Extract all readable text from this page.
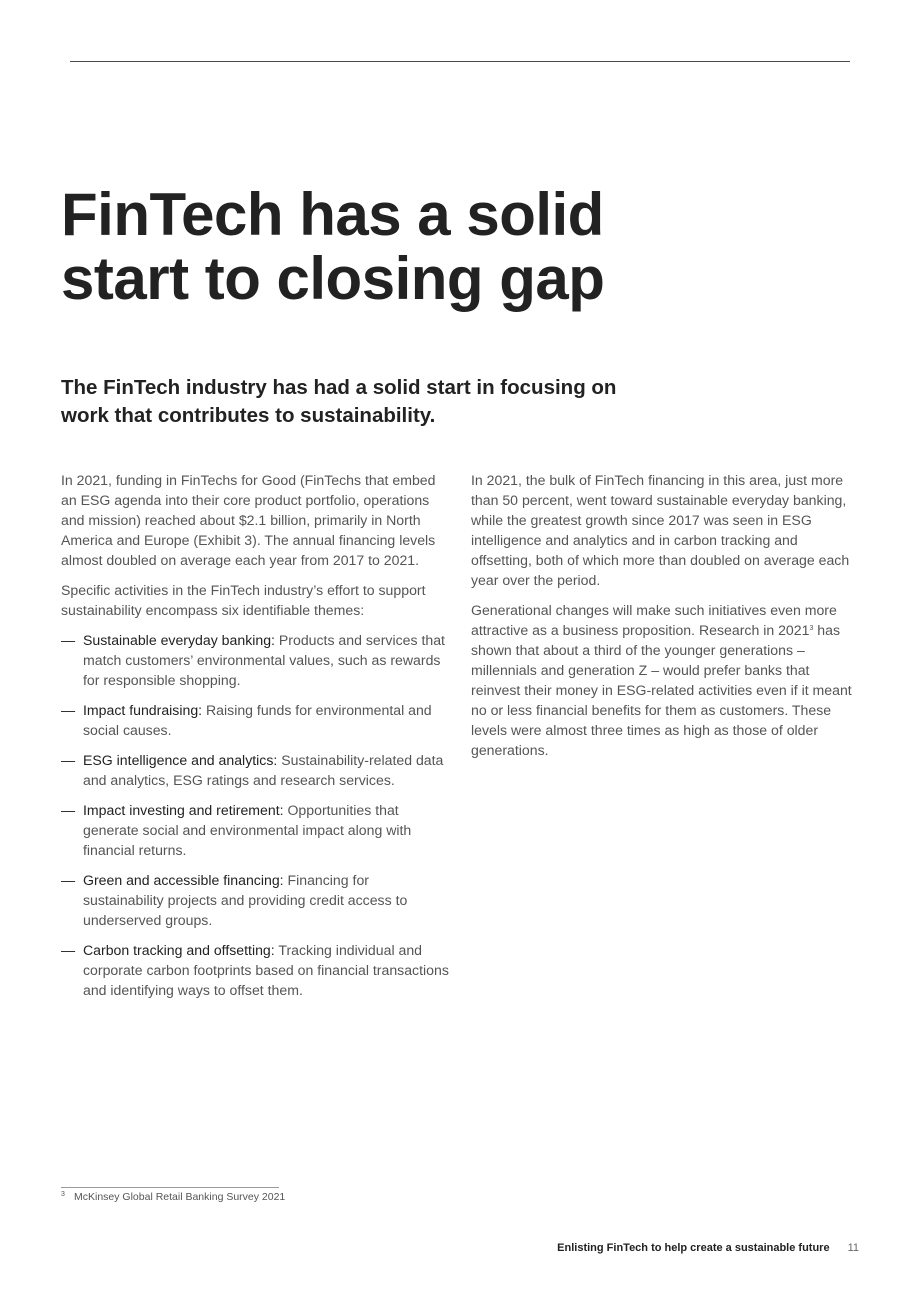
FinTech has a solid
start to closing gap
The FinTech industry has had a solid start in focusing on work that contributes to sustainability.

In 2021, funding in FinTechs for Good (FinTechs that embed an ESG agenda into their core product portfolio, operations and mission) reached about $2.1 billion, primarily in North America and Europe (Exhibit 3). The annual financing levels almost doubled on average each year from 2017 to 2021.

Specific activities in the FinTech industry’s effort to support sustainability encompass six identifiable themes:

— Sustainable everyday banking: Products and services that match customers’ environmental values, such as rewards for responsible shopping.
— Impact fundraising: Raising funds for environmental and social causes.
— ESG intelligence and analytics: Sustainability-related data and analytics, ESG ratings and research services.
— Impact investing and retirement: Opportunities that generate social and environmental impact along with financial returns.
— Green and accessible financing: Financing for sustainability projects and providing credit access to underserved groups.
— Carbon tracking and offsetting: Tracking individual and corporate carbon footprints based on financial transactions and identifying ways to offset them.

In 2021, the bulk of FinTech financing in this area, just more than 50 percent, went toward sustainable everyday banking, while the greatest growth since 2017 was seen in ESG intelligence and analytics and in carbon tracking and offsetting, both of which more than doubled on average each year over the period.

Generational changes will make such initiatives even more attractive as a business proposition. Research in 2021$^3$ has shown that about a third of the younger generations – millennials and generation Z – would prefer banks that reinvest their money in ESG-related activities even if it meant no or less financial benefits for them as customers. These levels were almost three times as high as those of older generations.

3 McKinsey Global Retail Banking Survey 2021
Enlisting FinTech to help create a sustainable future 11
